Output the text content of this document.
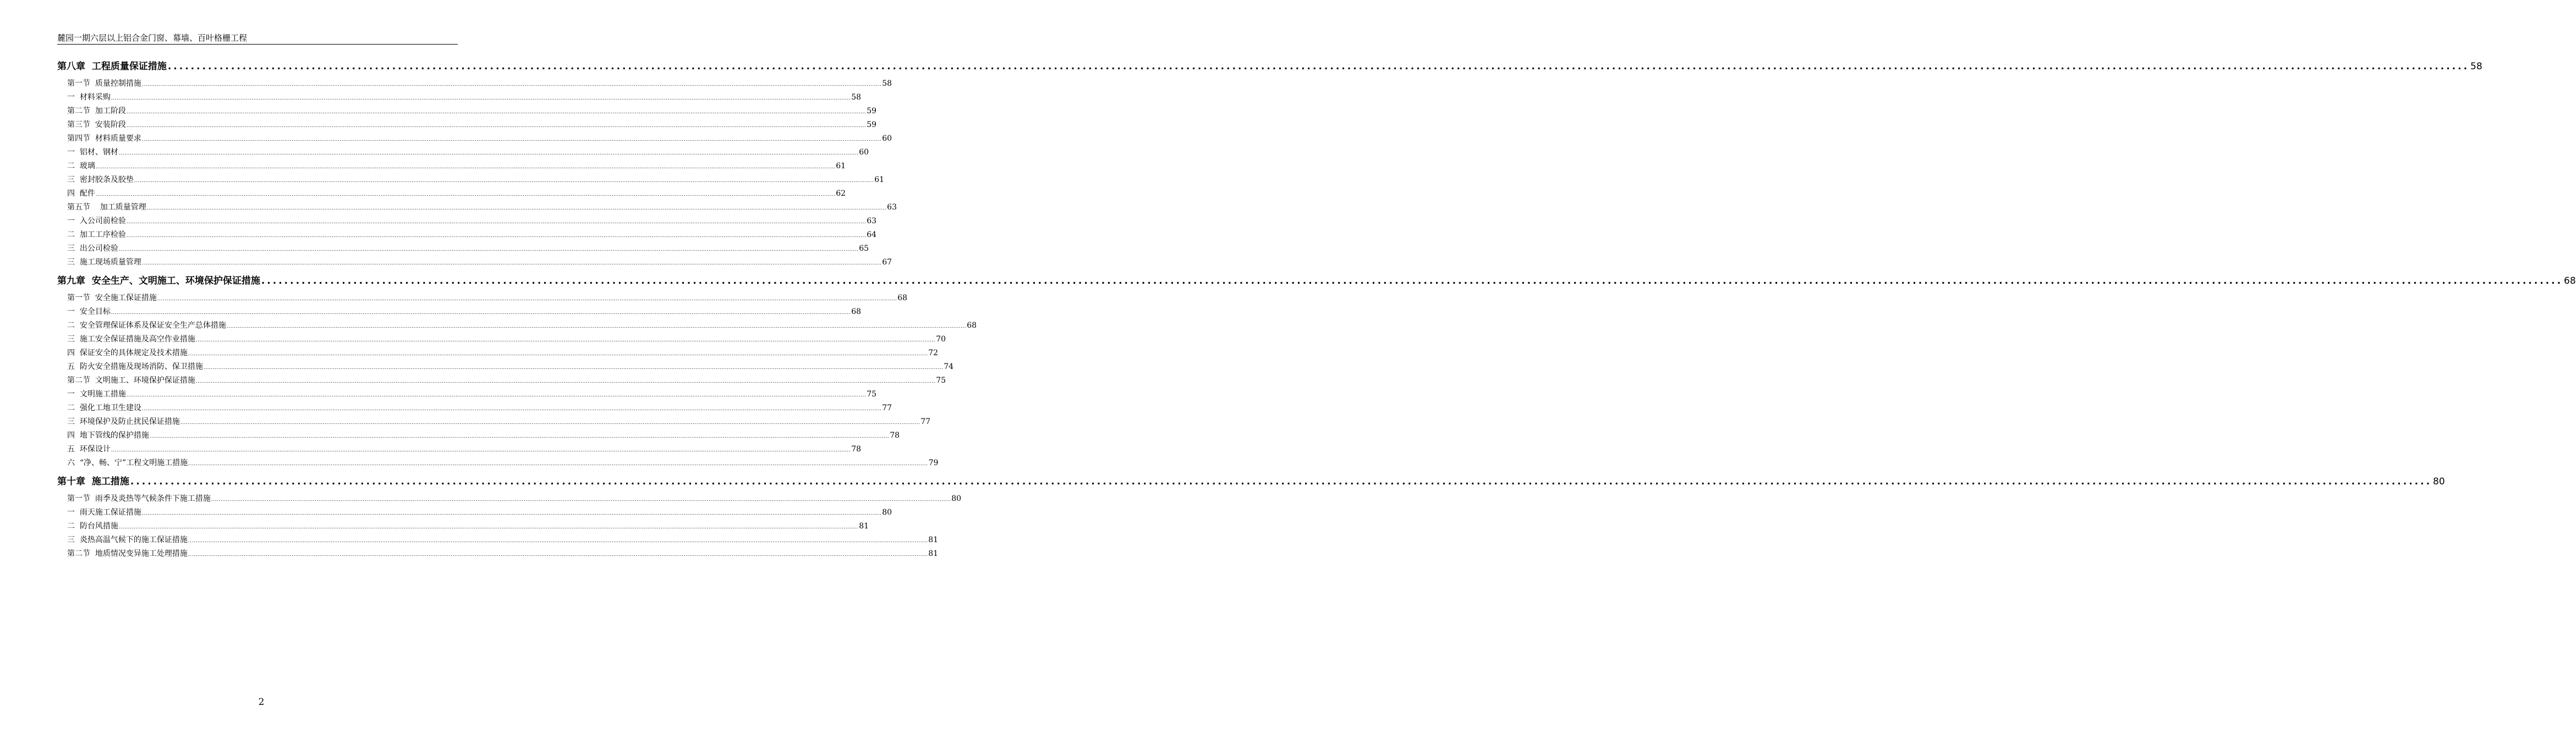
麓园一期六层以上铝合金门窗、幕墙、百叶格栅工程
第八章  工程质量保证措施 ................................................................................................................................................................................................................................................................................................................................................................................................................ 58
第一节  质量控制措施 ................................................................................................................................................................................................................................................................................................................................................................................................................ 58
一  材料采购 ................................................................................................................................................................................................................................................................................................................................................................................................................ 58
第二节  加工阶段 ................................................................................................................................................................................................................................................................................................................................................................................................................ 59
第三节  安装阶段 ................................................................................................................................................................................................................................................................................................................................................................................................................ 59
第四节  材料质量要求 ................................................................................................................................................................................................................................................................................................................................................................................................................ 60
一  铝材、钢材 ................................................................................................................................................................................................................................................................................................................................................................................................................ 60
二  玻璃 ................................................................................................................................................................................................................................................................................................................................................................................................................ 61
三  密封胶条及胶垫 ................................................................................................................................................................................................................................................................................................................................................................................................................ 61
四  配件 ................................................................................................................................................................................................................................................................................................................................................................................................................ 62
第五节    加工质量管理 ................................................................................................................................................................................................................................................................................................................................................................................................................ 63
一  入公司前检验 ................................................................................................................................................................................................................................................................................................................................................................................................................ 63
二  加工工序检验 ................................................................................................................................................................................................................................................................................................................................................................................................................ 64
三  出公司检验 ................................................................................................................................................................................................................................................................................................................................................................................................................ 65
三  施工现场质量管理 ................................................................................................................................................................................................................................................................................................................................................................................................................ 67
第九章  安全生产、文明施工、环境保护保证措施 ................................................................................................................................................................................................................................................................................................................................................................................................................ 68
第一节  安全施工保证措施 ................................................................................................................................................................................................................................................................................................................................................................................................................ 68
一  安全目标 ................................................................................................................................................................................................................................................................................................................................................................................................................ 68
二  安全管理保证体系及保证安全生产总体措施 ................................................................................................................................................................................................................................................................................................................................................................................................................ 68
三  施工安全保证措施及高空作业措施 ................................................................................................................................................................................................................................................................................................................................................................................................................ 70
四  保证安全的具体规定及技术措施 ................................................................................................................................................................................................................................................................................................................................................................................................................ 72
五  防火安全措施及现场消防、保卫措施 ................................................................................................................................................................................................................................................................................................................................................................................................................ 74
第二节  文明施工、环境保护保证措施 ................................................................................................................................................................................................................................................................................................................................................................................................................ 75
一  文明施工措施 ................................................................................................................................................................................................................................................................................................................................................................................................................ 75
二  强化工地卫生建设 ................................................................................................................................................................................................................................................................................................................................................................................................................ 77
三  环境保护及防止扰民保证措施 ................................................................................................................................................................................................................................................................................................................................................................................................................ 77
四  地下管线的保护措施 ................................................................................................................................................................................................................................................................................................................................................................................................................ 78
五  环保设计 ................................................................................................................................................................................................................................................................................................................................................................................................................ 78
六  “净、畅、宁”工程文明施工措施 ................................................................................................................................................................................................................................................................................................................................................................................................................ 79
第十章  施工措施 ................................................................................................................................................................................................................................................................................................................................................................................................................ 80
第一节  雨季及炎热等气候条件下施工措施 ................................................................................................................................................................................................................................................................................................................................................................................................................ 80
一  雨天施工保证措施 ................................................................................................................................................................................................................................................................................................................................................................................................................ 80
二  防台风措施 ................................................................................................................................................................................................................................................................................................................................................................................................................ 81
三  炎热高温气候下的施工保证措施 ................................................................................................................................................................................................................................................................................................................................................................................................................ 81
第二节  地质情况变异施工处理措施 ................................................................................................................................................................................................................................................................................................................................................................................................................ 81
2
